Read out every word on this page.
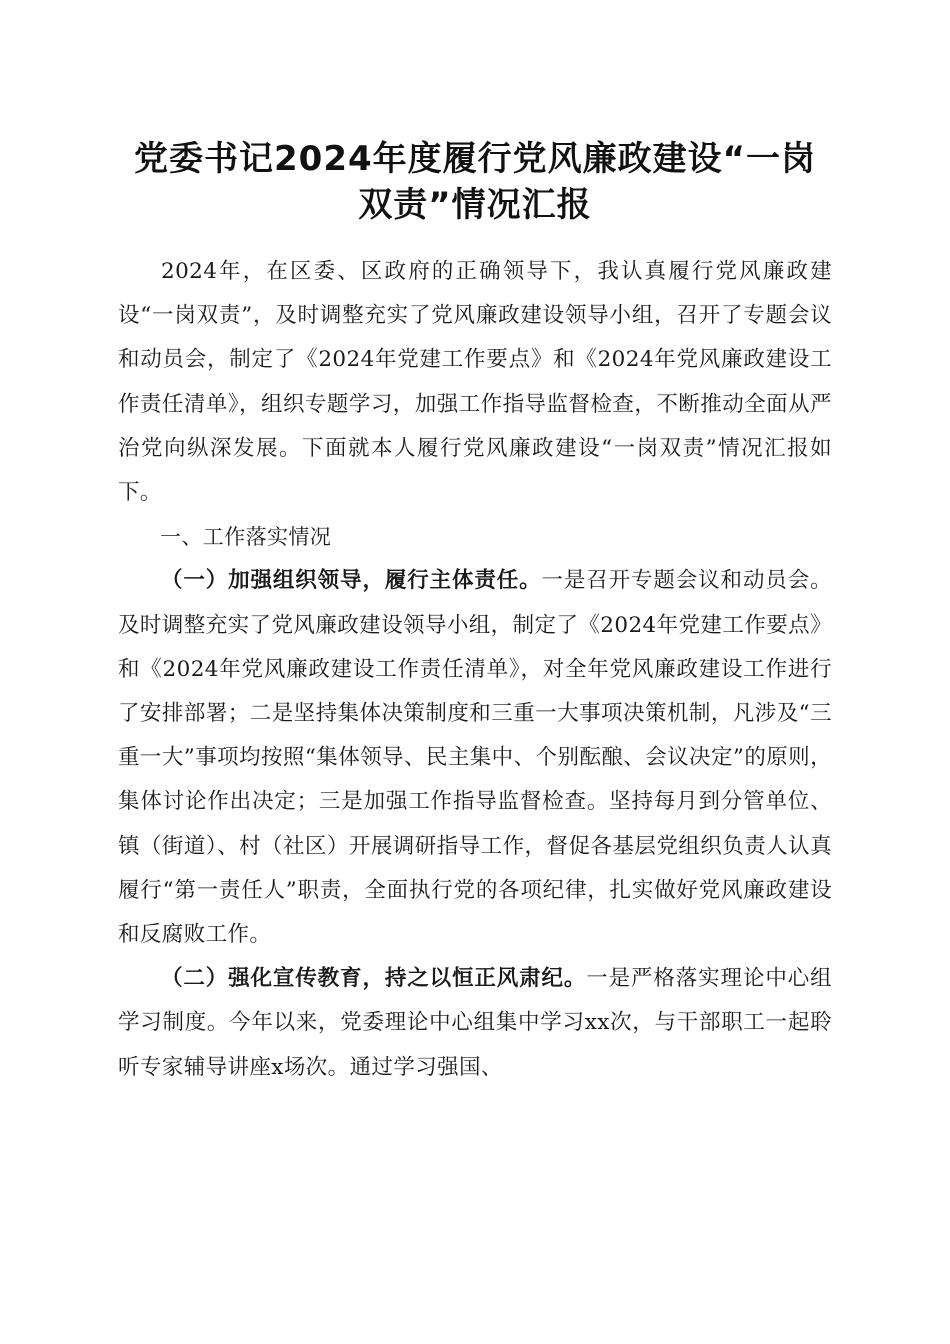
党委书记2024年度履行党风廉政建设“一岗
双责”情况汇报

2024年，在区委、区政府的正确领导下，我认真履行党风廉政建设“一岗双责”，及时调整充实了党风廉政建设领导小组，召开了专题会议和动员会，制定了《2024年党建工作要点》和《2024年党风廉政建设工作责任清单》，组织专题学习，加强工作指导监督检查，不断推动全面从严治党向纵深发展。下面就本人履行党风廉政建设“一岗双责”情况汇报如下。

一、工作落实情况

（一）加强组织领导，履行主体责任。一是召开专题会议和动员会。及时调整充实了党风廉政建设领导小组，制定了《2024年党建工作要点》和《2024年党风廉政建设工作责任清单》，对全年党风廉政建设工作进行了安排部署；二是坚持集体决策制度和三重一大事项决策机制，凡涉及“三重一大”事项均按照“集体领导、民主集中、个别酝酿、会议决定”的原则，集体讨论作出决定；三是加强工作指导监督检查。坚持每月到分管单位、镇（街道）、村（社区）开展调研指导工作，督促各基层党组织负责人认真履行“第一责任人”职责，全面执行党的各项纪律，扎实做好党风廉政建设和反腐败工作。

（二）强化宣传教育，持之以恒正风肃纪。一是严格落实理论中心组学习制度。今年以来，党委理论中心组集中学习xx次，与干部职工一起聆听专家辅导讲座x场次。通过学习强国、
